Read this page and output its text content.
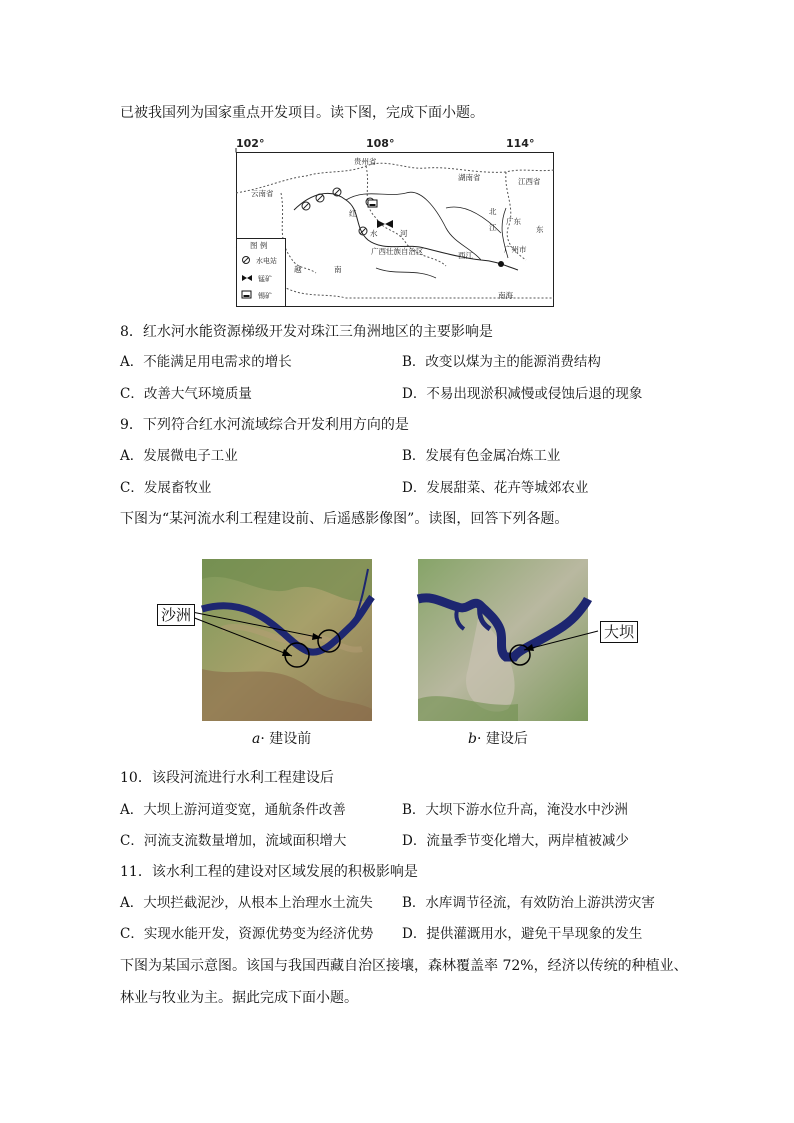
已被我国列为国家重点开发项目。读下图，完成下面小题。
102°	108°	114°
贵州省
湖南省	江西省
云南省
红
水	河
广西壮族自治区
北
江
广东
东
广州市
西江
越	南
南海
图 例
水电站
锰矿
锡矿
8．红水河水能资源梯级开发对珠江三角洲地区的主要影响是
A．不能满足用电需求的增长	B．改变以煤为主的能源消费结构
C．改善大气环境质量	D．不易出现淤积减慢或侵蚀后退的现象
9．下列符合红水河流域综合开发利用方向的是
A．发展微电子工业	B．发展有色金属冶炼工业
C．发展畜牧业	D．发展甜菜、花卉等城郊农业
下图为“某河流水利工程建设前、后遥感影像图”。读图，回答下列各题。
沙洲
大坝
a· 建设前	b· 建设后
10．该段河流进行水利工程建设后
A．大坝上游河道变宽，通航条件改善	B．大坝下游水位升高，淹没水中沙洲
C．河流支流数量增加，流域面积增大	D．流量季节变化增大，两岸植被减少
11．该水利工程的建设对区域发展的积极影响是
A．大坝拦截泥沙，从根本上治理水土流失 B．水库调节径流，有效防治上游洪涝灾害
C．实现水能开发，资源优势变为经济优势 D．提供灌溉用水，避免干旱现象的发生
下图为某国示意图。该国与我国西藏自治区接壤，森林覆盖率 72%，经济以传统的种植业、
林业与牧业为主。据此完成下面小题。
